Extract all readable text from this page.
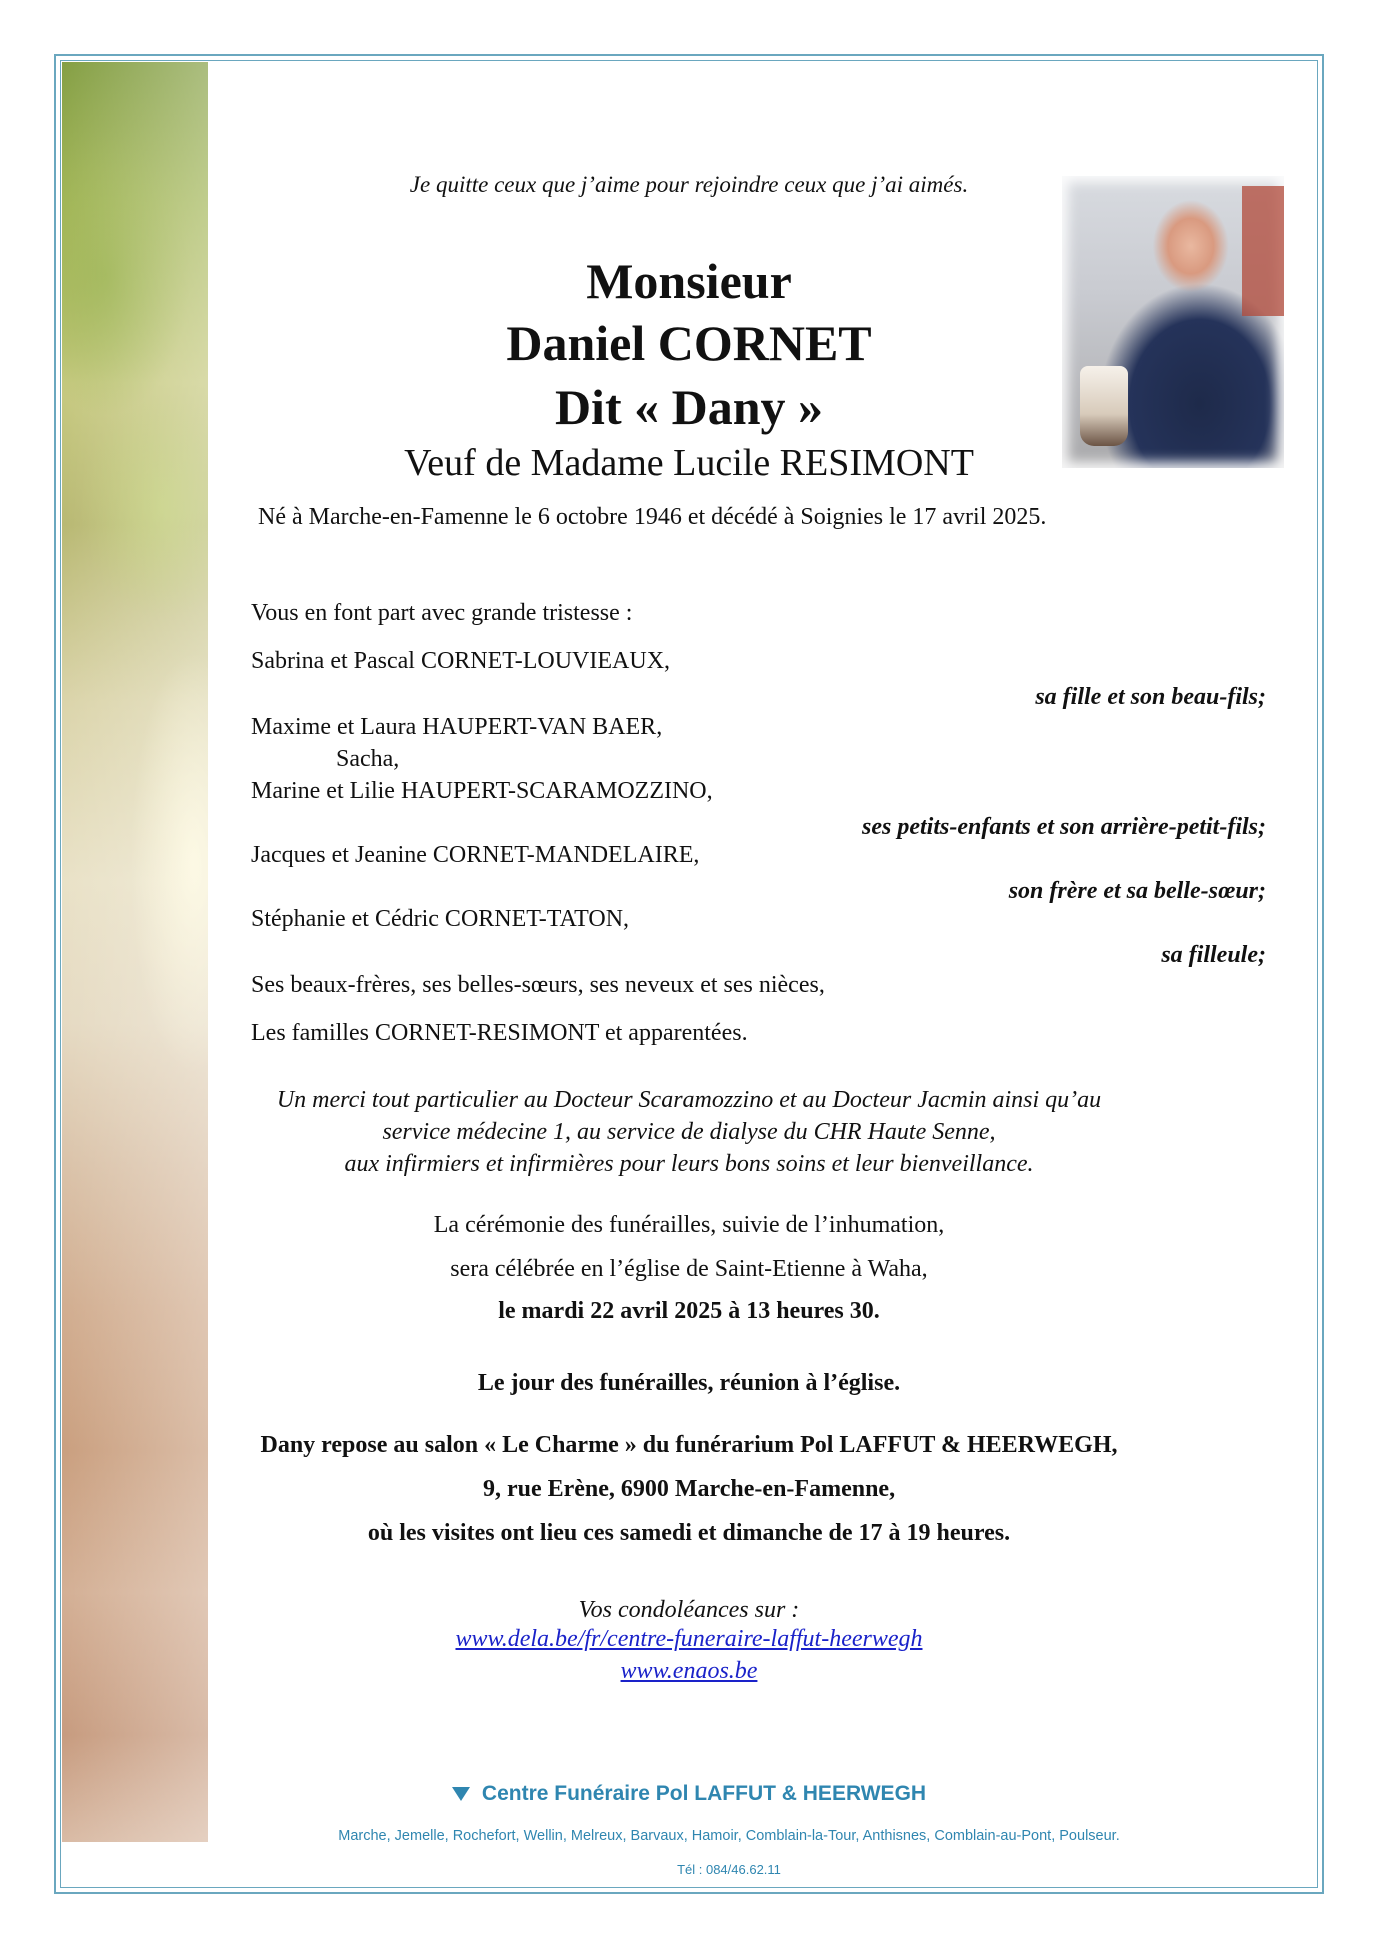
Je quitte ceux que j’aime pour rejoindre ceux que j’ai aimés.
Monsieur
Daniel CORNET
Dit « Dany »
Veuf de Madame Lucile RESIMONT
Né à Marche-en-Famenne le 6 octobre 1946 et décédé à Soignies le 17 avril 2025.
Vous en font part avec grande tristesse :
Sabrina et Pascal CORNET-LOUVIEAUX,
sa fille et son beau-fils;
Maxime et Laura HAUPERT-VAN BAER,
Sacha,
Marine et Lilie HAUPERT-SCARAMOZZINO,
ses petits-enfants et son arrière-petit-fils;
Jacques et Jeanine CORNET-MANDELAIRE,
son frère et sa belle-sœur;
Stéphanie et Cédric CORNET-TATON,
sa filleule;
Ses beaux-frères, ses belles-sœurs, ses neveux et ses nièces,
Les familles CORNET-RESIMONT et apparentées.
Un merci tout particulier au Docteur Scaramozzino et au Docteur Jacmin ainsi qu’au
service médecine 1, au service de dialyse du CHR Haute Senne,
aux infirmiers et infirmières pour leurs bons soins et leur bienveillance.
La cérémonie des funérailles, suivie de l’inhumation,
sera célébrée en l’église de Saint-Etienne à Waha,
le mardi 22 avril 2025 à 13 heures 30.
Le jour des funérailles, réunion à l’église.
Dany repose au salon « Le Charme » du funérarium Pol LAFFUT & HEERWEGH,
9, rue Erène, 6900 Marche-en-Famenne,
où les visites ont lieu ces samedi et dimanche de 17 à 19 heures.
Vos condoléances sur :
www.dela.be/fr/centre-funeraire-laffut-heerwegh
www.enaos.be
Centre Funéraire Pol LAFFUT & HEERWEGH
Marche, Jemelle, Rochefort, Wellin, Melreux, Barvaux, Hamoir, Comblain-la-Tour, Anthisnes, Comblain-au-Pont, Poulseur.
Tél : 084/46.62.11
